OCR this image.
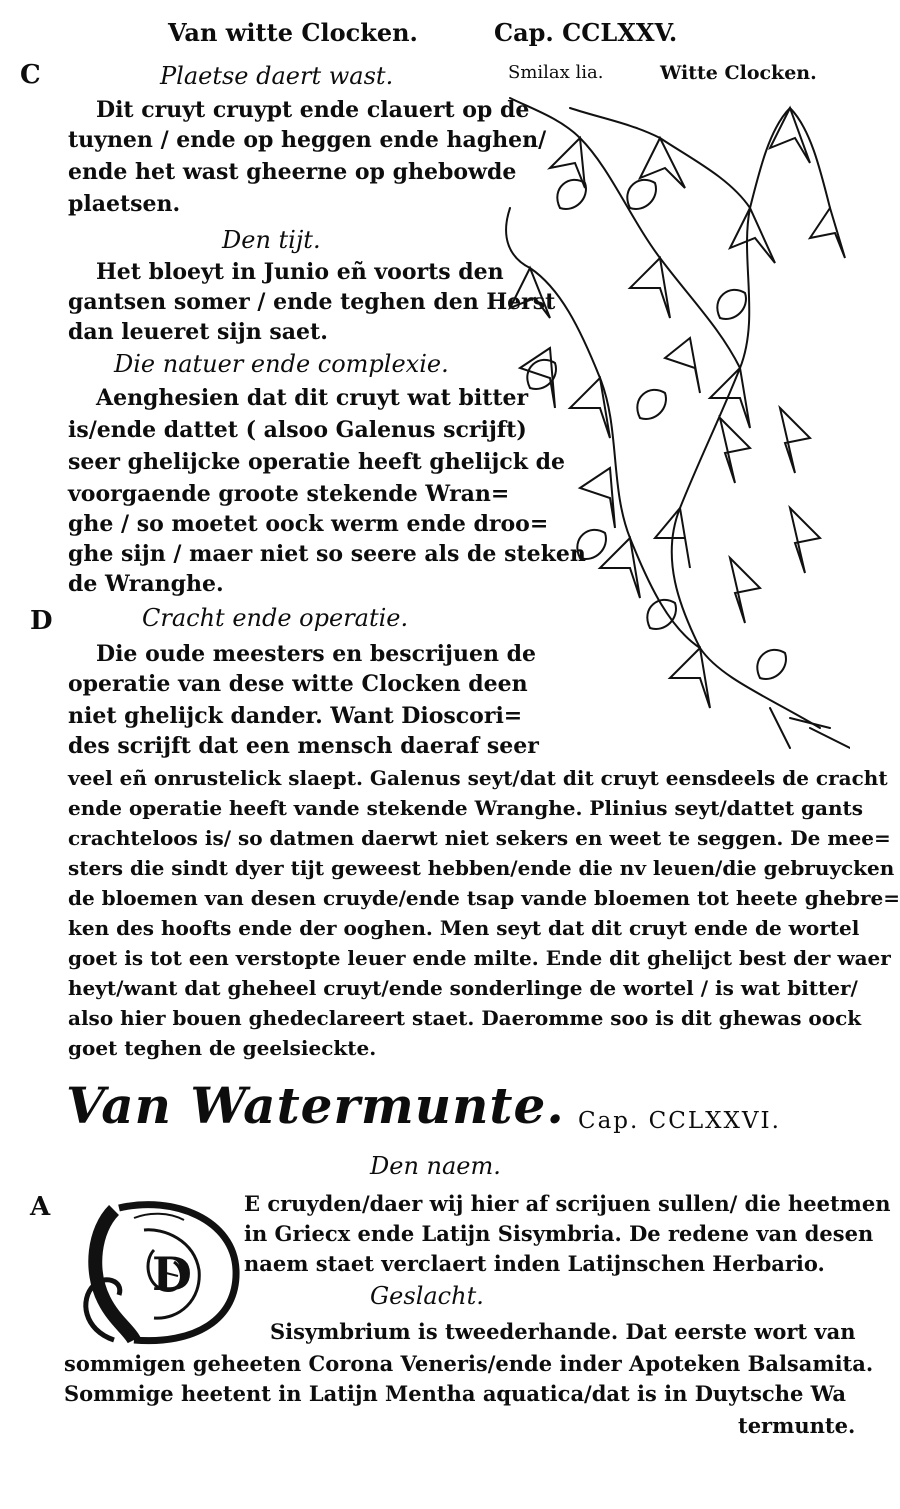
Van witte Clocken.	Cap. CCLXXV.
Smilax lia.	Witte Clocken.
C	Plaetse daert wast.
Dit cruyt cruypt ende clauert op de
tuynen / ende op heggen ende haghen/
ende het wast gheerne op ghebowde
plaetsen.
Den tijt.
Het bloeyt in Junio eñ voorts den
gantsen somer / ende teghen den Herst
dan leueret sijn saet.
Die natuer ende complexie.
Aenghesien dat dit cruyt wat bitter
is/ende dattet ( alsoo Galenus scrijft)
seer ghelijcke operatie heeft ghelijck de
voorgaende groote stekende Wran=
ghe / so moetet oock werm ende droo=
ghe sijn / maer niet so seere als de steken
de Wranghe.
D	Cracht ende operatie.
Die oude meesters en bescrijuen de
operatie van dese witte Clocken deen
niet ghelijck dander. Want Dioscori=
des scrijft dat een mensch daeraf seer
veel eñ onrustelick slaept. Galenus seyt/dat dit cruyt eensdeels de cracht
ende operatie heeft vande stekende Wranghe. Plinius seyt/dattet gants
crachteloos is/ so datmen daerwt niet sekers en weet te seggen. De mee=
sters die sindt dyer tijt geweest hebben/ende die nv leuen/die gebruycken
de bloemen van desen cruyde/ende tsap vande bloemen tot heete ghebre=
ken des hoofts ende der ooghen. Men seyt dat dit cruyt ende de wortel
goet is tot een verstopte leuer ende milte. Ende dit ghelijct best der waer
heyt/want dat gheheel cruyt/ende sonderlinge de wortel / is wat bitter/
also hier bouen ghedeclareert staet. Daeromme soo is dit ghewas oock
goet teghen de geelsieckte.
Van Watermunte. Cap. CCLXXVI.
Den naem.
A
D
E cruyden/daer wij hier af scrijuen sullen/ die heetmen
in Griecx ende Latijn Sisymbria. De redene van desen
naem staet verclaert inden Latijnschen Herbario.
Geslacht.
Sisymbrium is tweederhande. Dat eerste wort van
sommigen geheeten Corona Veneris/ende inder Apoteken Balsamita.
Sommige heetent in Latijn Mentha aquatica/dat is in Duytsche Wa
termunte.
